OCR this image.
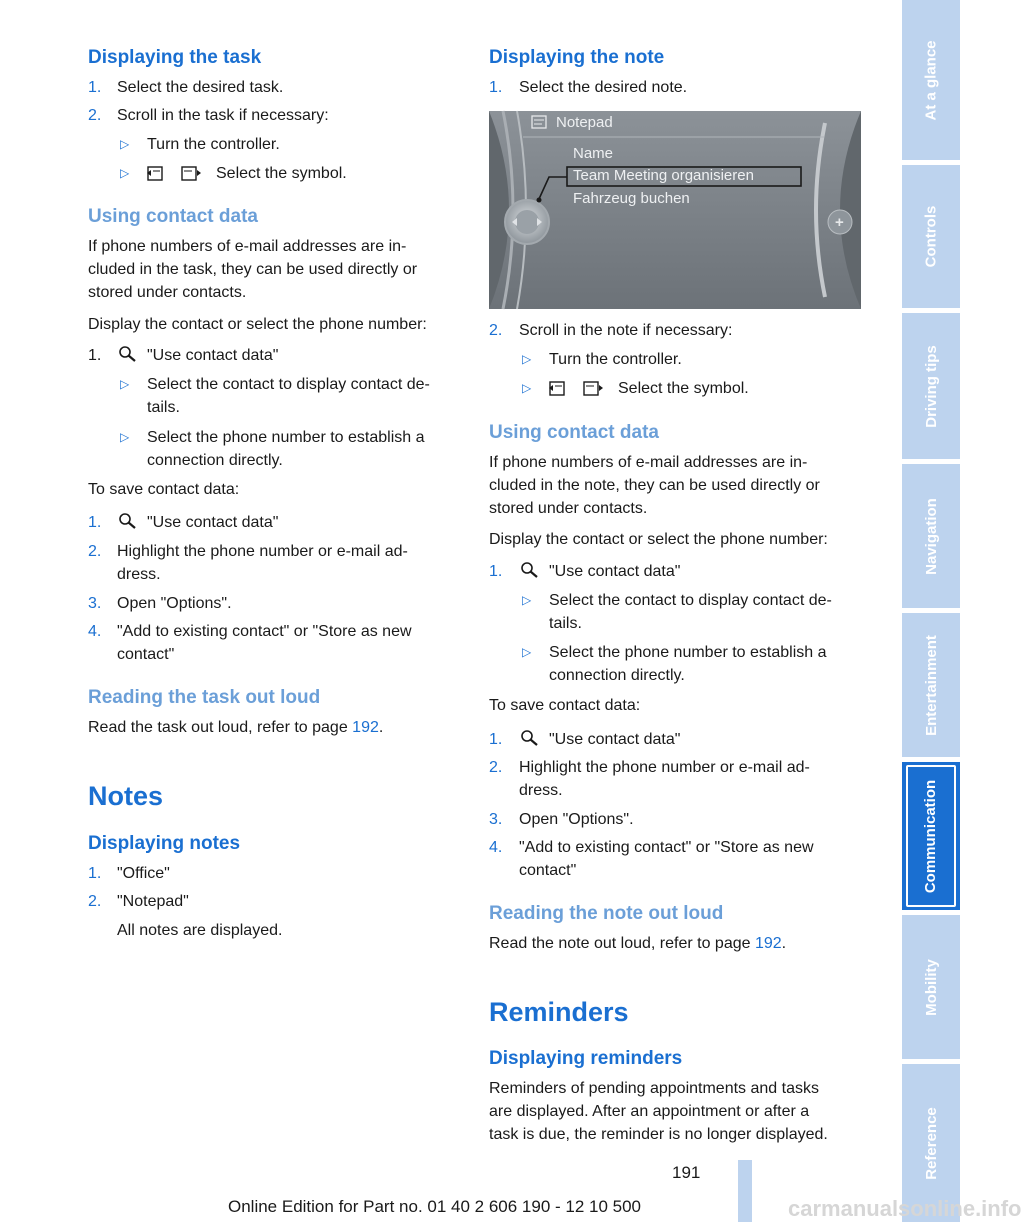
Displaying the task
1. Select the desired task.
2. Scroll in the task if necessary:
▷ Turn the controller.
▷	Select the symbol.
Using contact data
If phone numbers of e-mail addresses are in-
cluded in the task, they can be used directly or
stored under contacts.
Display the contact or select the phone number:
1.	"Use contact data"
▷ Select the contact to display contact de-
tails.
▷ Select the phone number to establish a
connection directly.
To save contact data:
1.	"Use contact data"
2. Highlight the phone number or e-mail ad-
dress.
3. Open "Options".
4. "Add to existing contact" or "Store as new
contact"
Reading the task out loud
Read the task out loud, refer to page 192.
Notes
Displaying notes
1. "Office"
2. "Notepad"
All notes are displayed.
Displaying the note
1. Select the desired note.
+
Notepad
Name
Team Meeting organisieren
Fahrzeug buchen
2. Scroll in the note if necessary:
▷ Turn the controller.
▷	Select the symbol.
Using contact data
If phone numbers of e-mail addresses are in-
cluded in the note, they can be used directly or
stored under contacts.
Display the contact or select the phone number:
1.	"Use contact data"
▷ Select the contact to display contact de-
tails.
▷ Select the phone number to establish a
connection directly.
To save contact data:
1.	"Use contact data"
2. Highlight the phone number or e-mail ad-
dress.
3. Open "Options".
4. "Add to existing contact" or "Store as new
contact"
Reading the note out loud
Read the note out loud, refer to page 192.
Reminders
Displaying reminders
Reminders of pending appointments and tasks
are displayed. After an appointment or after a
task is due, the reminder is no longer displayed.
At a glance
Controls
Driving tips
Navigation
Entertainment
Communication
Mobility
Reference
191
Online Edition for Part no. 01 40 2 606 190 - 12 10 500	carmanualsonline.info
